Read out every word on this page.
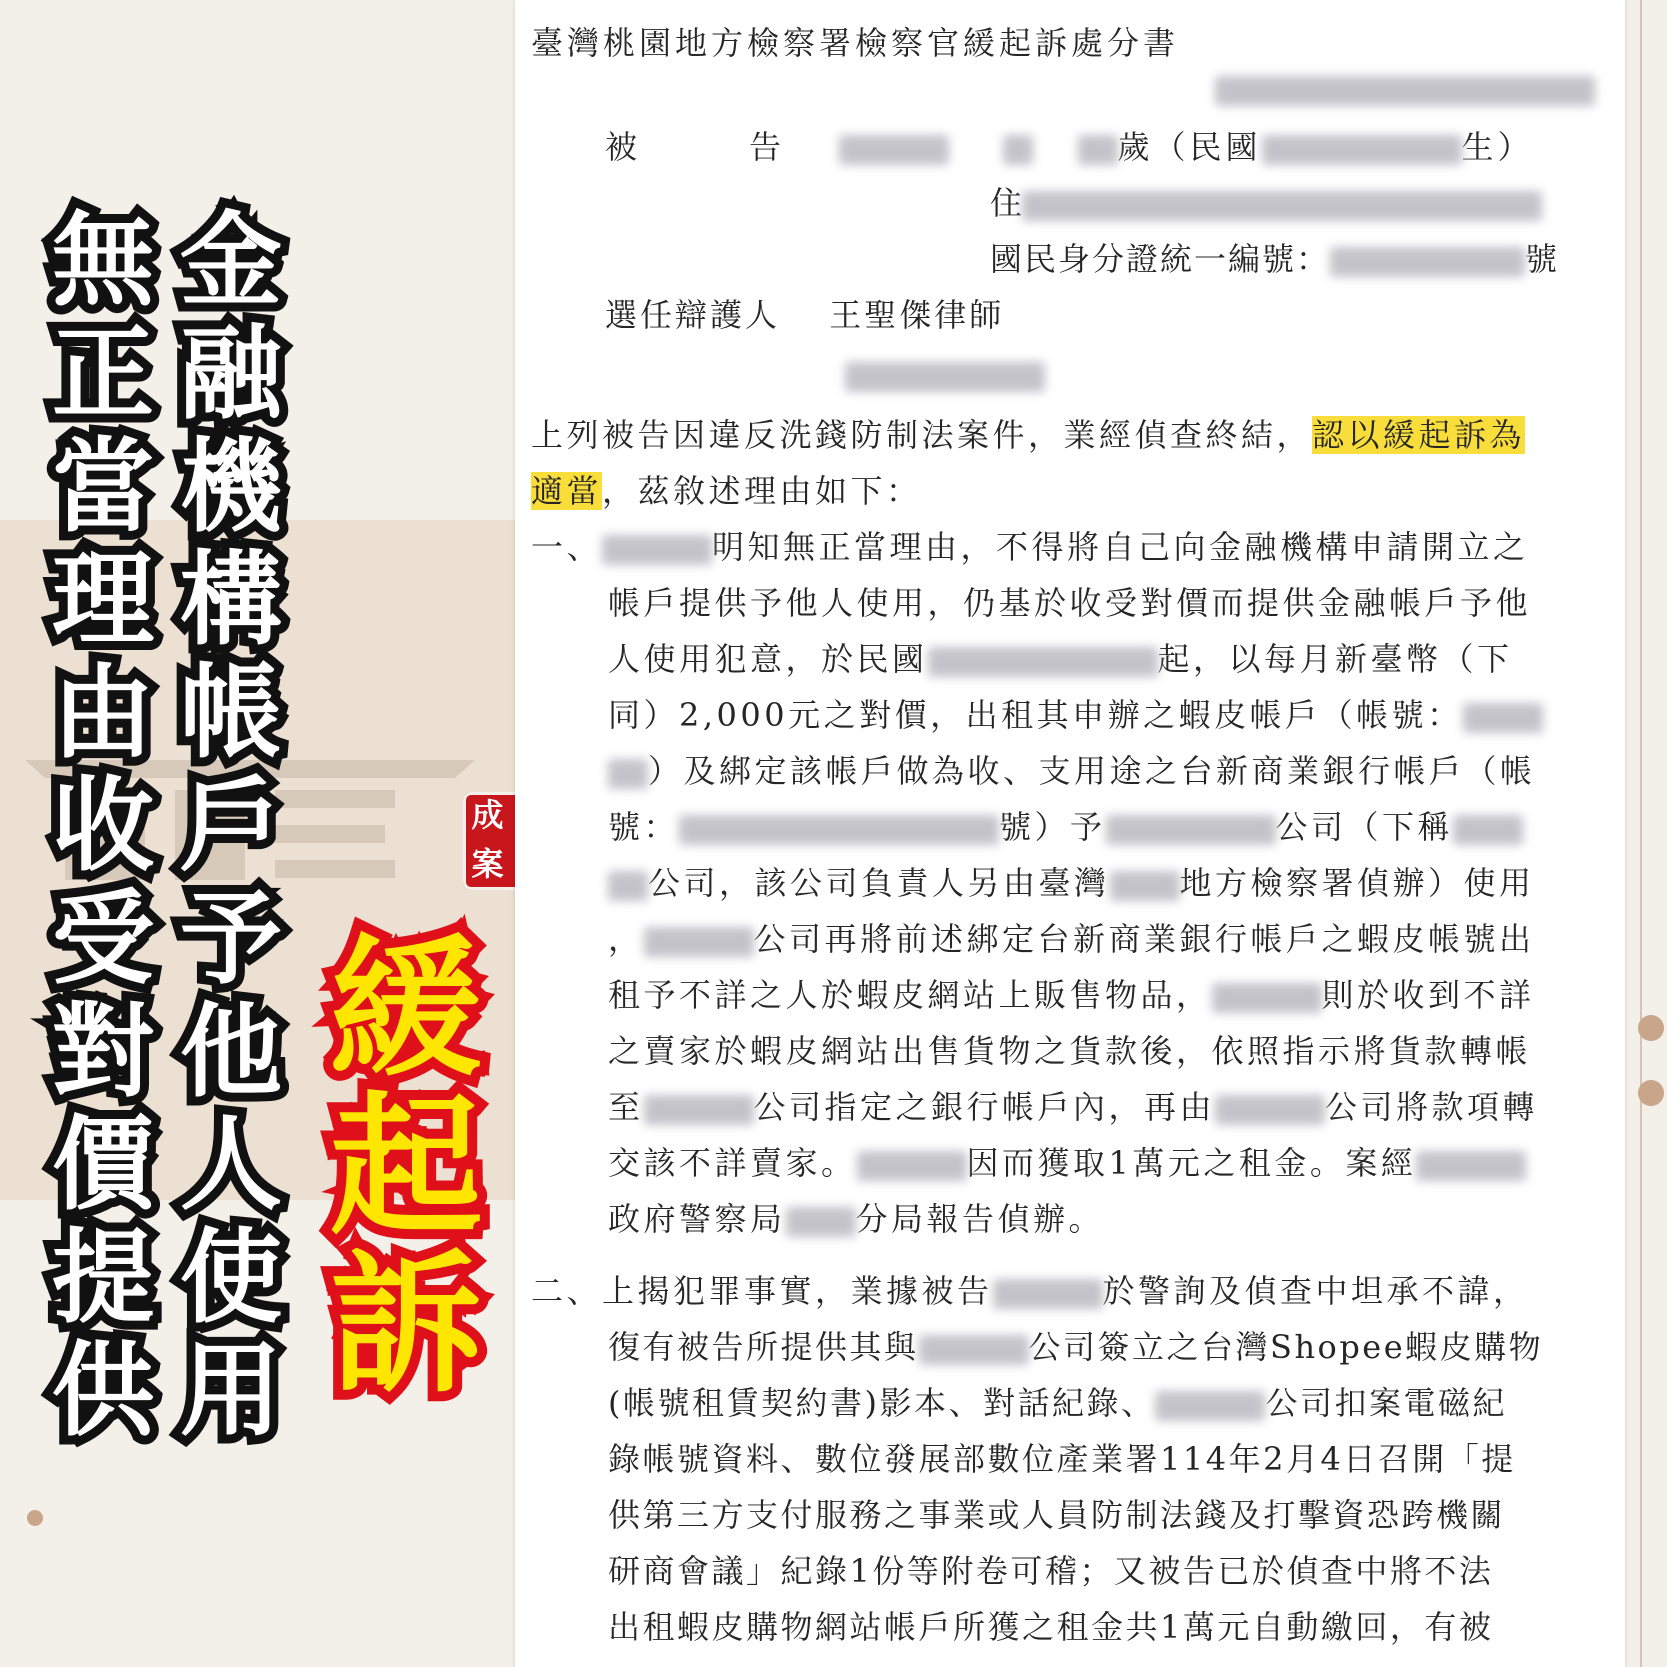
無
正
當
理
由
收
受
對
價
提
供
金
融
機
構
帳
戶
予
他
人
使
用
緩
起
訴
成
案
臺灣桃園地方檢察署檢察官緩起訴處分書
被　　　告	歲（民國	生）
住
國民身分證統一編號：	號
選任辯護人 王聖傑律師
上列被告因違反洗錢防制法案件，業經偵查終結，認以緩起訴為
適當，茲敘述理由如下：
一、	明知無正當理由，不得將自己向金融機構申請開立之
帳戶提供予他人使用，仍基於收受對價而提供金融帳戶予他
人使用犯意，於民國	起，以每月新臺幣（下
同）2,000元之對價，出租其申辦之蝦皮帳戶（帳號：
）及綁定該帳戶做為收、支用途之台新商業銀行帳戶（帳
號：	號）予	公司（下稱
公司，該公司負責人另由臺灣 地方檢察署偵辦）使用
，	公司再將前述綁定台新商業銀行帳戶之蝦皮帳號出
租予不詳之人於蝦皮網站上販售物品，	則於收到不詳
之賣家於蝦皮網站出售貨物之貨款後，依照指示將貨款轉帳
至	公司指定之銀行帳戶內，再由	公司將款項轉
交該不詳賣家。	因而獲取1萬元之租金。案經
政府警察局 分局報告偵辦。
二、上揭犯罪事實，業據被告	於警詢及偵查中坦承不諱，
復有被告所提供其與	公司簽立之台灣Shopee蝦皮購物
(帳號租賃契約書)影本、對話紀錄、	公司扣案電磁紀
錄帳號資料、數位發展部數位產業署114年2月4日召開「提
供第三方支付服務之事業或人員防制法錢及打擊資恐跨機關
研商會議」紀錄1份等附卷可稽；又被告已於偵查中將不法
出租蝦皮購物網站帳戶所獲之租金共1萬元自動繳回，有被
